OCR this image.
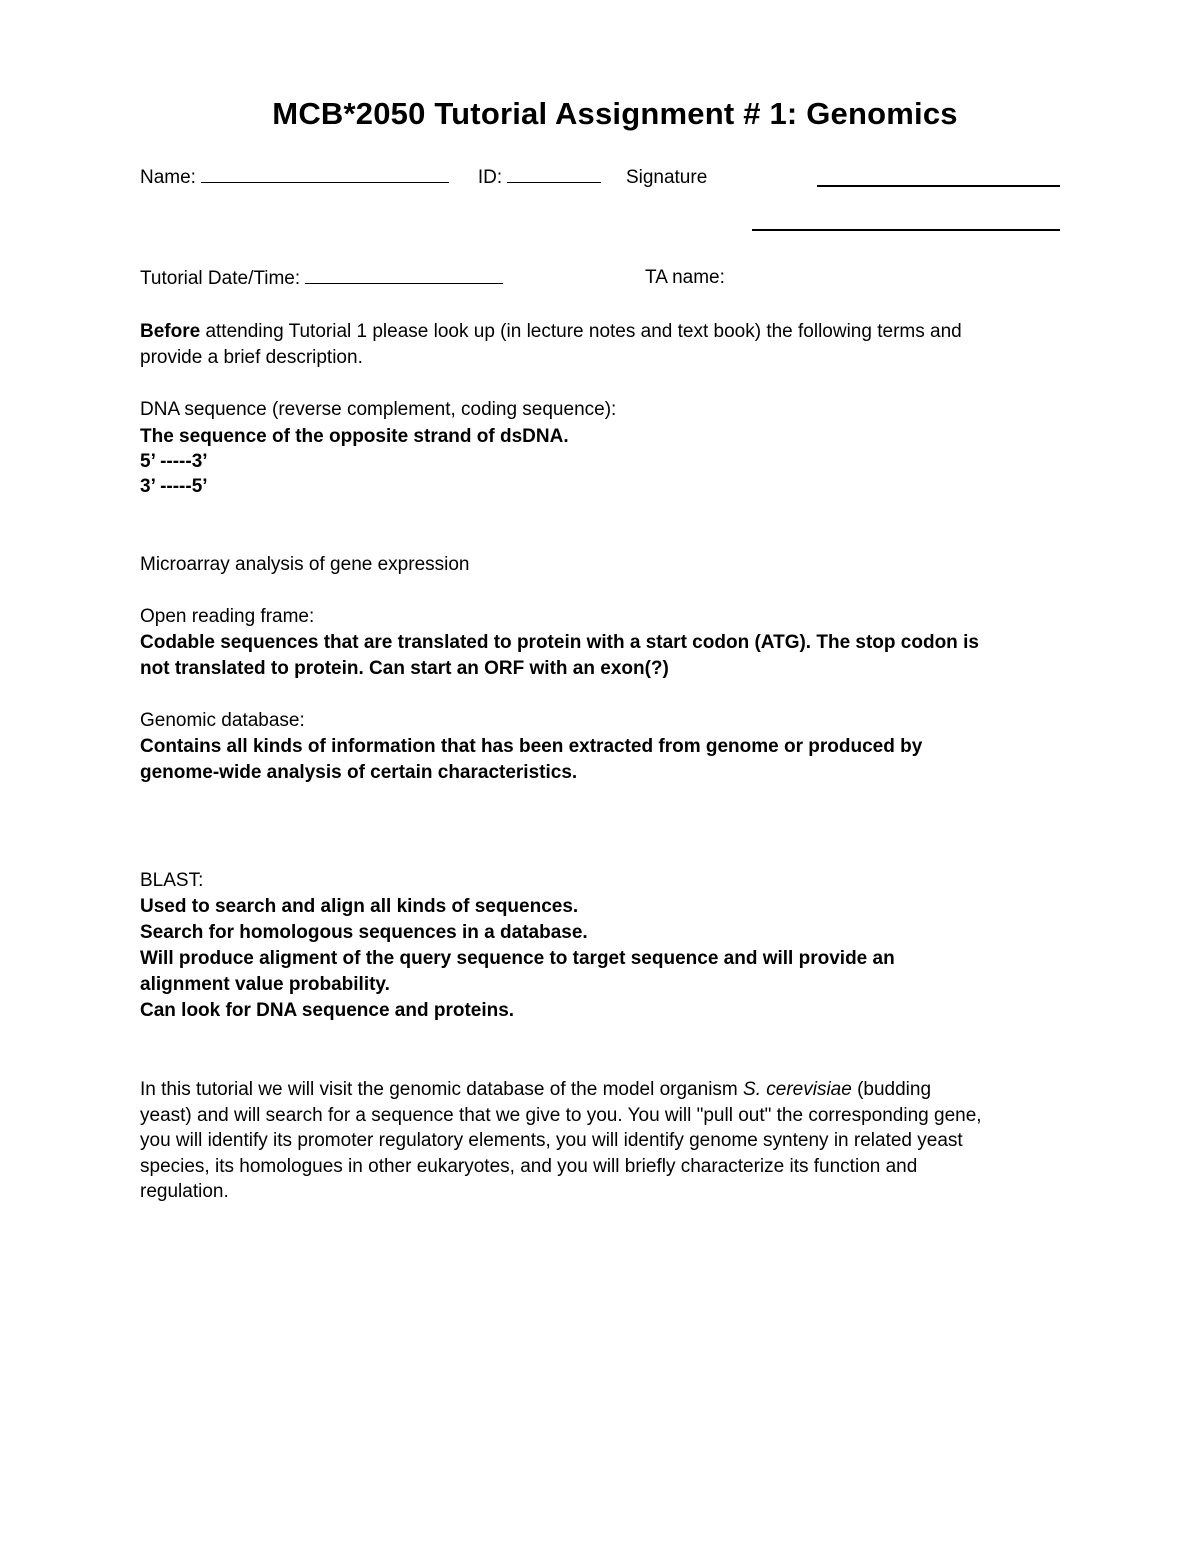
MCB*2050 Tutorial Assignment # 1: Genomics
Name:	ID:	Signature
Tutorial Date/Time:	TA name:
Before attending Tutorial 1 please look up (in lecture notes and text book) the following terms and
provide a brief description.
DNA sequence (reverse complement, coding sequence):
The sequence of the opposite strand of dsDNA.
5’ -----3’
3’ -----5’
Microarray analysis of gene expression
Open reading frame:
Codable sequences that are translated to protein with a start codon (ATG). The stop codon is
not translated to protein. Can start an ORF with an exon(?)
Genomic database:
Contains all kinds of information that has been extracted from genome or produced by
genome-wide analysis of certain characteristics.
BLAST:
Used to search and align all kinds of sequences.
Search for homologous sequences in a database.
Will produce aligment of the query sequence to target sequence and will provide an
alignment value probability.
Can look for DNA sequence and proteins.
In this tutorial we will visit the genomic database of the model organism S. cerevisiae (budding
yeast) and will search for a sequence that we give to you. You will "pull out" the corresponding gene,
you will identify its promoter regulatory elements, you will identify genome synteny in related yeast
species, its homologues in other eukaryotes, and you will briefly characterize its function and
regulation.
